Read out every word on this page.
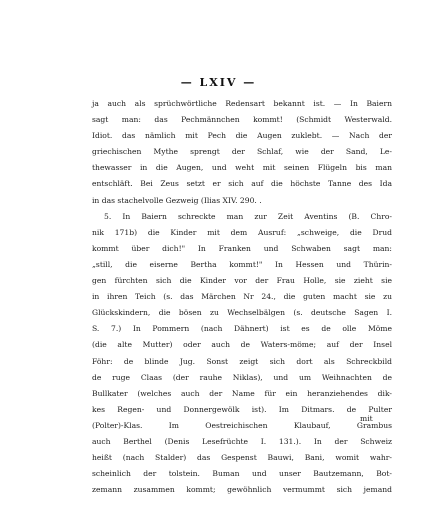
— LXIV —
ja auch als sprüchwörtliche Redensart bekannt ist. — In Baiern
sagt man: das Pechmännchen kommt! (Schmidt Westerwald.
Idiot. das nämlich mit Pech die Augen zuklebt. — Nach der
griechischen Mythe sprengt der Schlaf, wie der Sand, Le-
thewasser in die Augen, und weht mit seinen Flügeln bis man
entschläft. Bei Zeus setzt er sich auf die höchste Tanne des Ida
in das stachelvolle Gezweig (Ilias XIV. 290. .
5. In Baiern schreckte man zur Zeit Aventins (B. Chro-
nik 171b) die Kinder mit dem Ausruf: „schweige, die Drud
kommt über dich!" In Franken und Schwaben sagt man:
„still, die eiserne Bertha kommt!" In Hessen und Thürin-
gen fürchten sich die Kinder vor der Frau Holle, sie zieht sie
in ihren Teich (s. das Märchen Nr 24., die guten macht sie zu
Glückskindern, die bösen zu Wechselbälgen (s. deutsche Sagen I.
S. 7.) In Pommern (nach Dähnert) ist es de olle Möme
(die alte Mutter) oder auch de Waters-möme; auf der Insel
Föhr: de blinde Jug. Sonst zeigt sich dort als Schreckbild
de ruge Claas (der rauhe Niklas), und um Weihnachten de
Bullkater (welches auch der Name für ein heranziehendes dik-
kes Regen- und Donnergewölk ist). Im Ditmars. de Pulter
(Polter)-Klas. Im Oestreichischen Klaubauf, Grambus
auch Berthel (Denis Lesefrüchte I. 131.). In der Schweiz
heißt (nach Stalder) das Gespenst Bauwi, Bani, womit wahr-
scheinlich der tolstein. Buman und unser Bautzemann, Bot-
zemann zusammen kommt; gewöhnlich vermummt sich jemand
mit
